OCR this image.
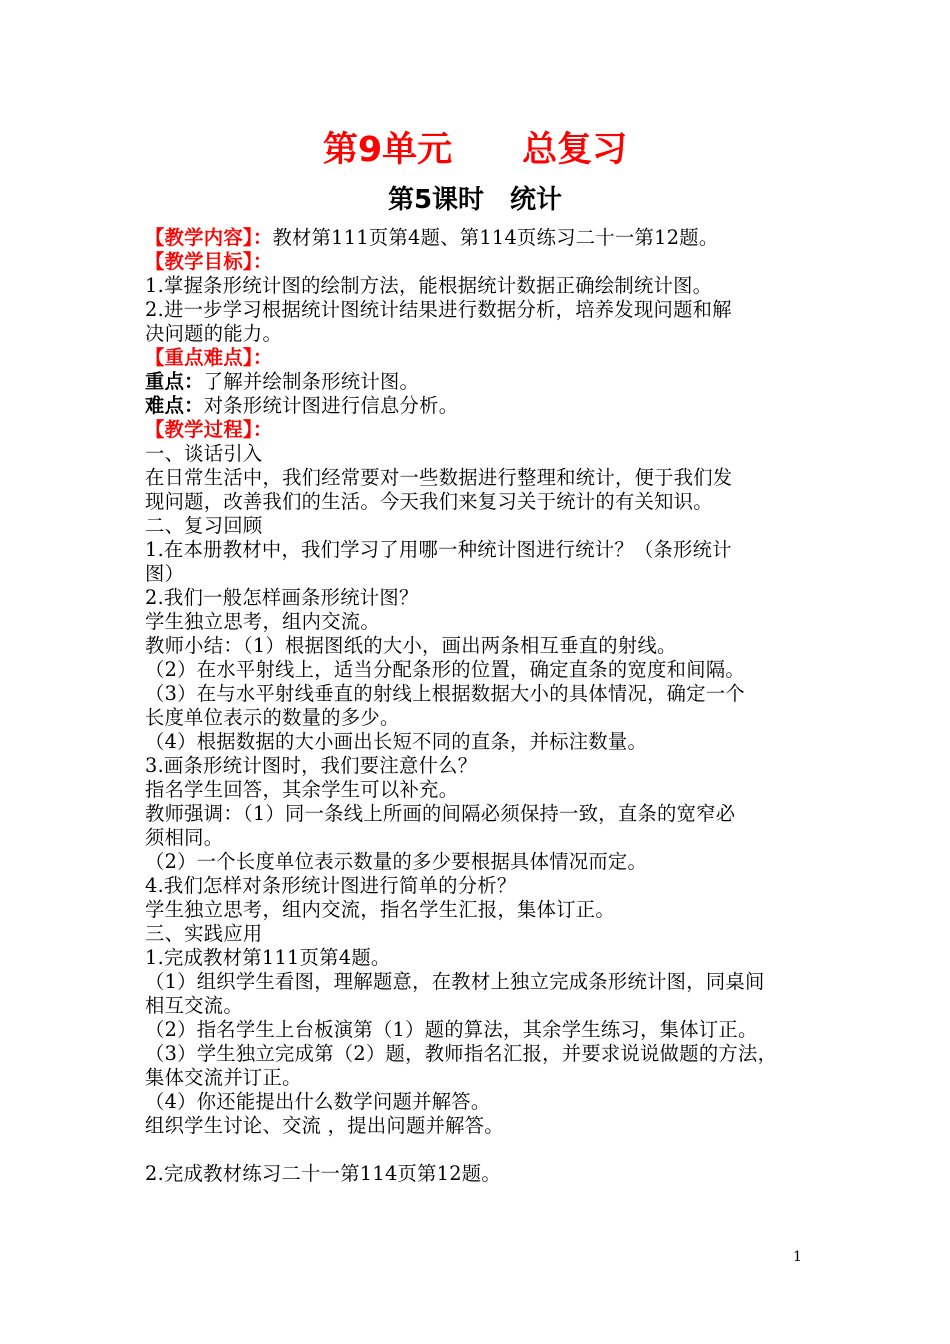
第9单元　　总复习
第5课时　统计
【教学内容】：教材第111页第4题、第114页练习二十一第12题。
【教学目标】：
1.掌握条形统计图的绘制方法，能根据统计数据正确绘制统计图。
2.进一步学习根据统计图统计结果进行数据分析，培养发现问题和解
决问题的能力。
【重点难点】：
重点：了解并绘制条形统计图。
难点：对条形统计图进行信息分析。
【教学过程】：
一、谈话引入
在日常生活中，我们经常要对一些数据进行整理和统计，便于我们发
现问题，改善我们的生活。今天我们来复习关于统计的有关知识。
二、复习回顾
1.在本册教材中，我们学习了用哪一种统计图进行统计？（条形统计
图）
2.我们一般怎样画条形统计图？
学生独立思考，组内交流。
教师小结：（1）根据图纸的大小，画出两条相互垂直的射线。
（2）在水平射线上，适当分配条形的位置，确定直条的宽度和间隔。
（3）在与水平射线垂直的射线上根据数据大小的具体情况，确定一个
长度单位表示的数量的多少。
（4）根据数据的大小画出长短不同的直条，并标注数量。
3.画条形统计图时，我们要注意什么？
指名学生回答，其余学生可以补充。
教师强调：（1）同一条线上所画的间隔必须保持一致，直条的宽窄必
须相同。
（2）一个长度单位表示数量的多少要根据具体情况而定。
4.我们怎样对条形统计图进行简单的分析？
学生独立思考，组内交流，指名学生汇报，集体订正。
三、实践应用
1.完成教材第111页第4题。
（1）组织学生看图，理解题意，在教材上独立完成条形统计图，同桌间
相互交流。
（2）指名学生上台板演第（1）题的算法，其余学生练习，集体订正。
（3）学生独立完成第（2）题，教师指名汇报，并要求说说做题的方法，
集体交流并订正。
（4）你还能提出什么数学问题并解答。
组织学生讨论、交流 ，提出问题并解答。
2.完成教材练习二十一第114页第12题。
1
